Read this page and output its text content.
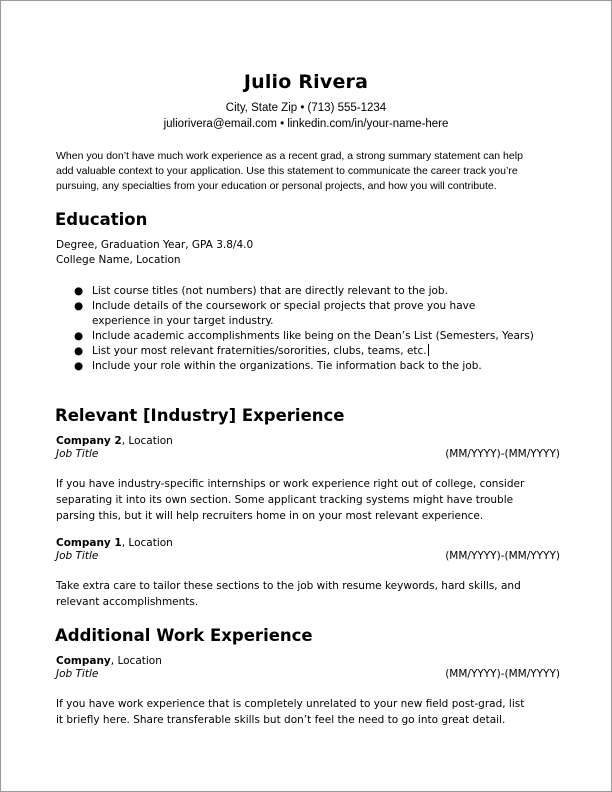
Julio Rivera
City, State Zip • (713) 555-1234
juliorivera@email.com • linkedin.com/in/your-name-here
When you don’t have much work experience as a recent grad, a strong summary statement can help
add valuable context to your application. Use this statement to communicate the career track you’re
pursuing, any specialties from your education or personal projects, and how you will contribute.
Education
Degree, Graduation Year, GPA 3.8/4.0
College Name, Location
● List course titles (not numbers) that are directly relevant to the job.
● Include details of the coursework or special projects that prove you have
experience in your target industry.
● Include academic accomplishments like being on the Dean’s List (Semesters, Years)
● List your most relevant fraternities/sororities, clubs, teams, etc.
● Include your role within the organizations. Tie information back to the job.
Relevant [Industry] Experience
Company 2, Location
Job Title	(MM/YYYY)-(MM/YYYY)
If you have industry-specific internships or work experience right out of college, consider
separating it into its own section. Some applicant tracking systems might have trouble
parsing this, but it will help recruiters home in on your most relevant experience.
Company 1, Location
Job Title	(MM/YYYY)-(MM/YYYY)
Take extra care to tailor these sections to the job with resume keywords, hard skills, and
relevant accomplishments.
Additional Work Experience
Company, Location
Job Title	(MM/YYYY)-(MM/YYYY)
If you have work experience that is completely unrelated to your new field post-grad, list
it briefly here. Share transferable skills but don’t feel the need to go into great detail.
